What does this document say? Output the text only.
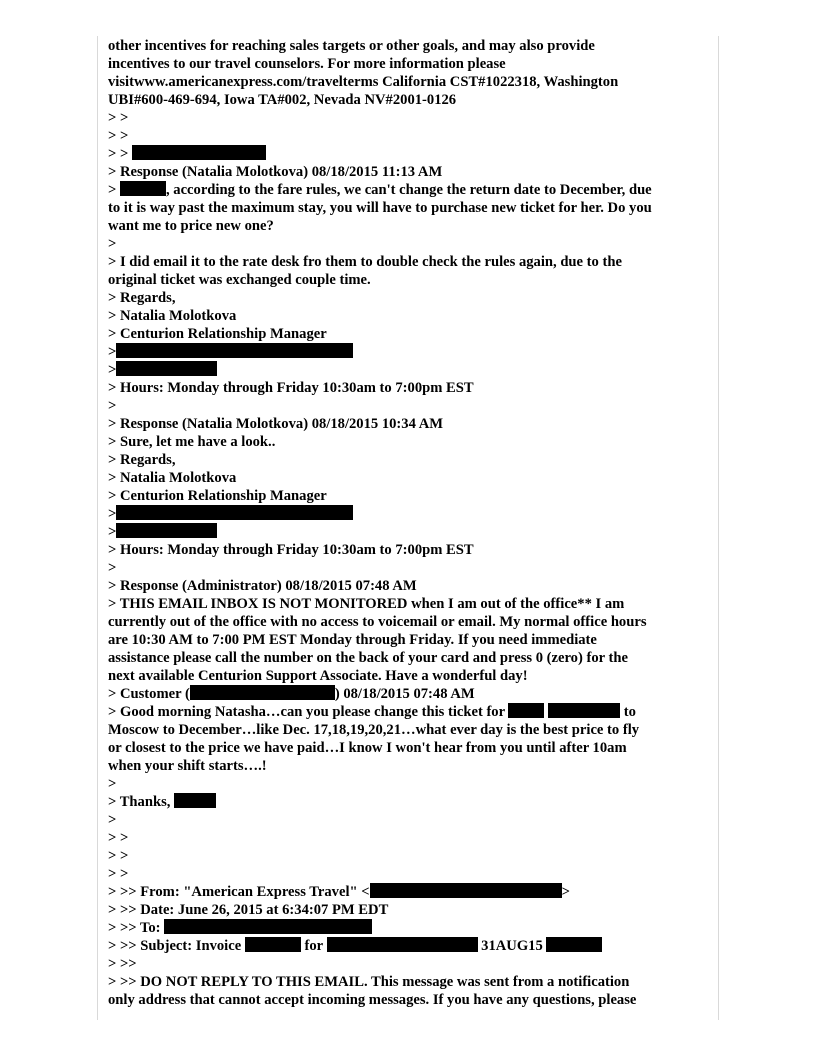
other incentives for reaching sales targets or other goals, and may also provide
incentives to our travel counselors. For more information please
visitwww.americanexpress.com/travelterms California CST#1022318, Washington
UBI#600-469-694, Iowa TA#002, Nevada NV#2001-0126
> >
> >
> >
> Response (Natalia Molotkova) 08/18/2015 11:13 AM
>	, according to the fare rules, we can't change the return date to December, due
to it is way past the maximum stay, you will have to purchase new ticket for her. Do you
want me to price new one?
>
> I did email it to the rate desk fro them to double check the rules again, due to the
original ticket was exchanged couple time.
> Regards,
> Natalia Molotkova
> Centurion Relationship Manager
>
>
> Hours: Monday through Friday 10:30am to 7:00pm EST
>
> Response (Natalia Molotkova) 08/18/2015 10:34 AM
> Sure, let me have a look..
> Regards,
> Natalia Molotkova
> Centurion Relationship Manager
>
>
> Hours: Monday through Friday 10:30am to 7:00pm EST
>
> Response (Administrator) 08/18/2015 07:48 AM
> THIS EMAIL INBOX IS NOT MONITORED when I am out of the office** I am
currently out of the office with no access to voicemail or email. My normal office hours
are 10:30 AM to 7:00 PM EST Monday through Friday. If you need immediate
assistance please call the number on the back of your card and press 0 (zero) for the
next available Centurion Support Associate. Have a wonderful day!
> Customer (	) 08/18/2015 07:48 AM
> Good morning Natasha…can you please change this ticket for	to
Moscow to December…like Dec. 17,18,19,20,21…what ever day is the best price to fly
or closest to the price we have paid…I know I won't hear from you until after 10am
when your shift starts….!
>
> Thanks,
>
> >
> >
> >
> >> From: "American Express Travel" <	>
> >> Date: June 26, 2015 at 6:34:07 PM EDT
> >> To:
> >> Subject: Invoice	for	31AUG15
> >>
> >> DO NOT REPLY TO THIS EMAIL. This message was sent from a notification
only address that cannot accept incoming messages. If you have any questions, please
